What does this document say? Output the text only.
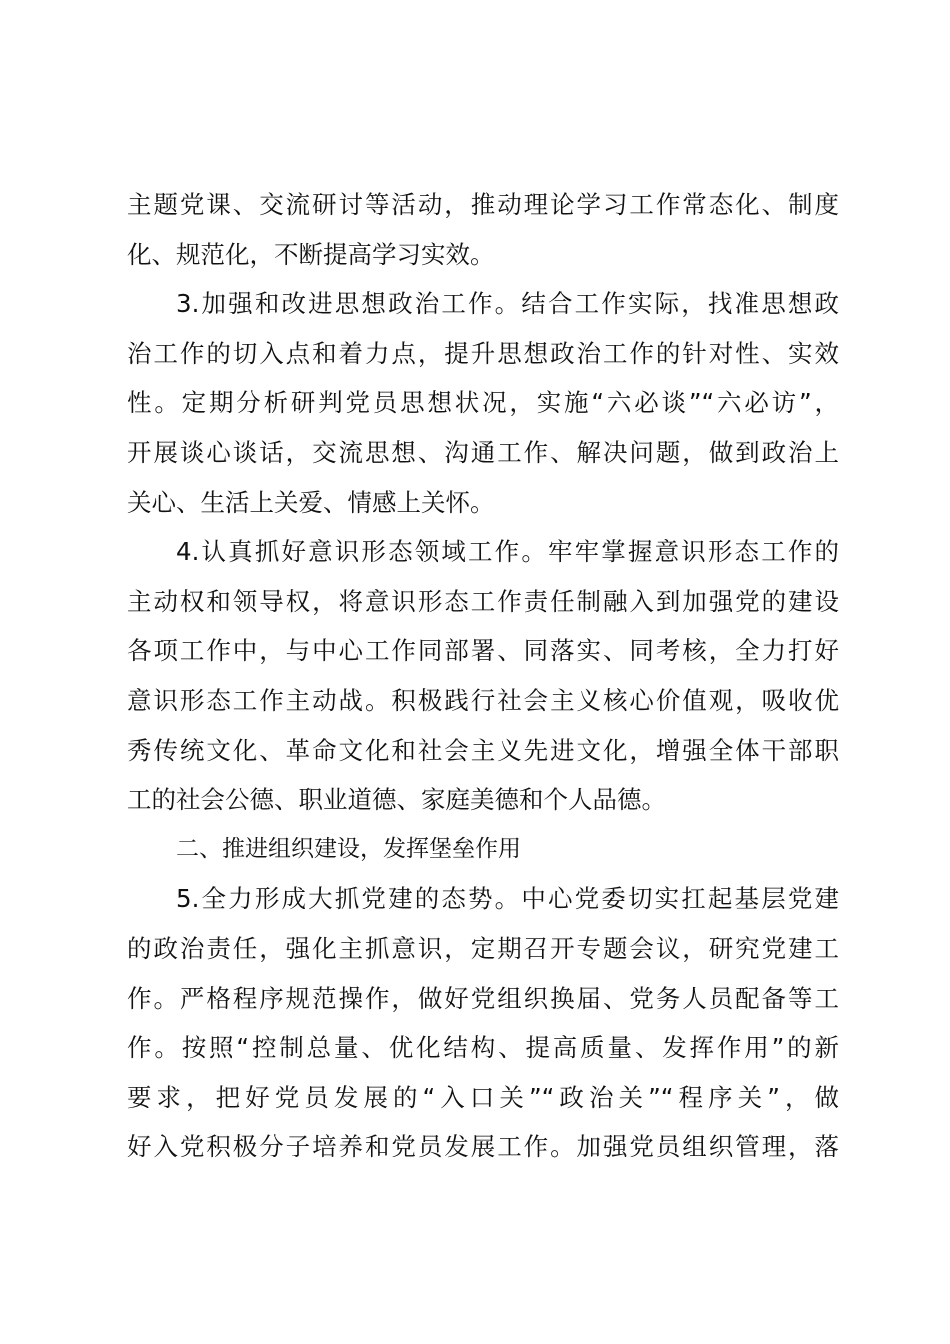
主题党课、交流研讨等活动，推动理论学习工作常态化、制度
化、规范化，不断提高学习实效。

3.加强和改进思想政治工作。结合工作实际，找准思想政
治工作的切入点和着力点，提升思想政治工作的针对性、实效
性。定期分析研判党员思想状况，实施“六必谈”“六必访”，
开展谈心谈话，交流思想、沟通工作、解决问题，做到政治上
关心、生活上关爱、情感上关怀。

4.认真抓好意识形态领域工作。牢牢掌握意识形态工作的
主动权和领导权，将意识形态工作责任制融入到加强党的建设
各项工作中，与中心工作同部署、同落实、同考核，全力打好
意识形态工作主动战。积极践行社会主义核心价值观，吸收优
秀传统文化、革命文化和社会主义先进文化，增强全体干部职
工的社会公德、职业道德、家庭美德和个人品德。

二、推进组织建设，发挥堡垒作用

5.全力形成大抓党建的态势。中心党委切实扛起基层党建
的政治责任，强化主抓意识，定期召开专题会议，研究党建工
作。严格程序规范操作，做好党组织换届、党务人员配备等工
作。按照“控制总量、优化结构、提高质量、发挥作用”的新
要求，把好党员发展的“入口关”“政治关”“程序关”，做
好入党积极分子培养和党员发展工作。加强党员组织管理，落
